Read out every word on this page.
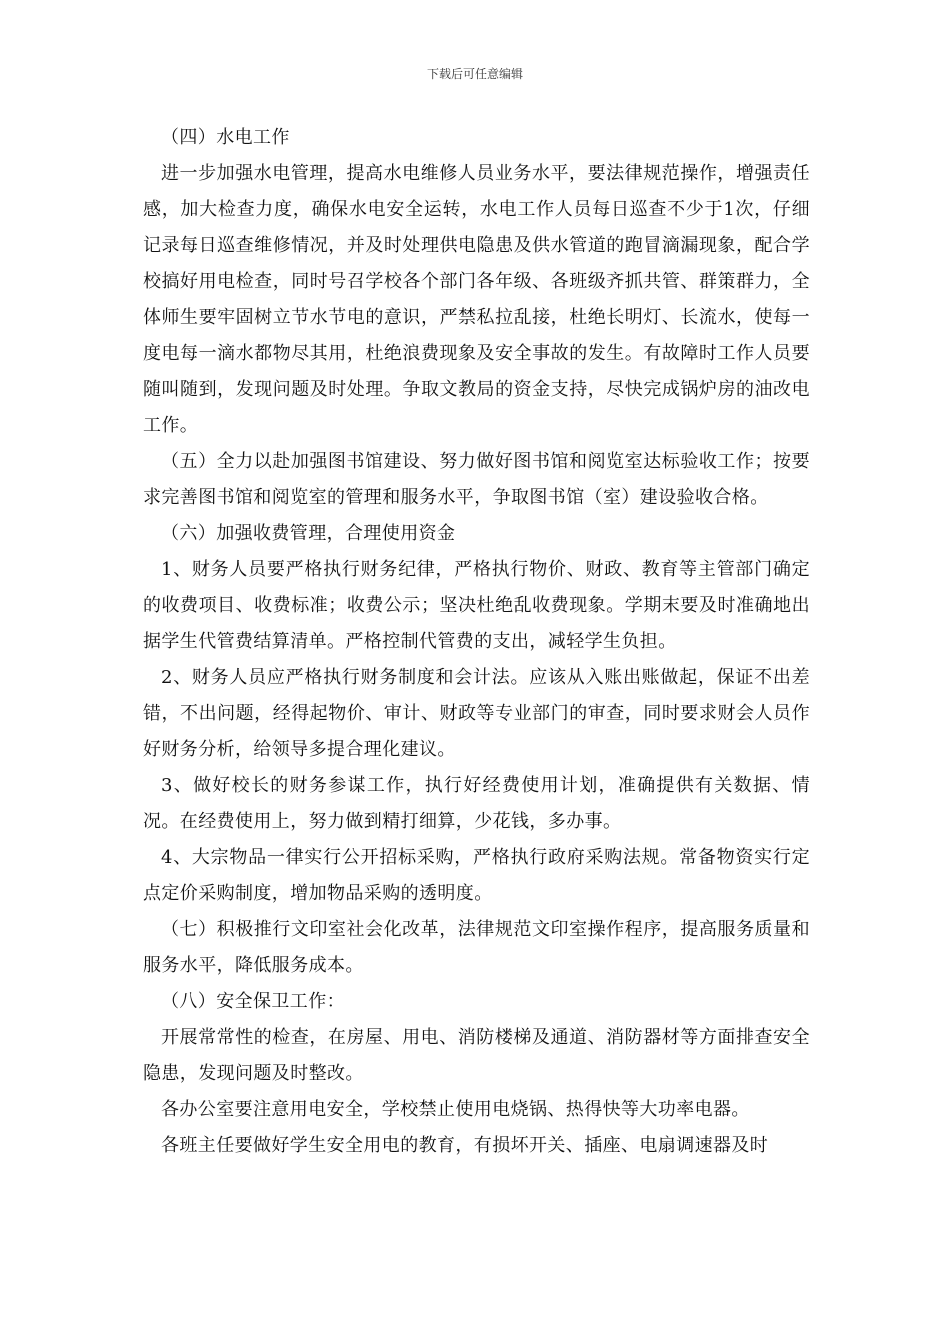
下载后可任意编辑

（四）水电工作

进一步加强水电管理，提高水电维修人员业务水平，要法律规范操作，增强责任感，加大检查力度，确保水电安全运转，水电工作人员每日巡查不少于1次，仔细记录每日巡查维修情况，并及时处理供电隐患及供水管道的跑冒滴漏现象，配合学校搞好用电检查，同时号召学校各个部门各年级、各班级齐抓共管、群策群力，全体师生要牢固树立节水节电的意识，严禁私拉乱接，杜绝长明灯、长流水，使每一度电每一滴水都物尽其用，杜绝浪费现象及安全事故的发生。有故障时工作人员要随叫随到，发现问题及时处理。争取文教局的资金支持，尽快完成锅炉房的油改电工作。

（五）全力以赴加强图书馆建设、努力做好图书馆和阅览室达标验收工作；按要求完善图书馆和阅览室的管理和服务水平，争取图书馆（室）建设验收合格。

（六）加强收费管理，合理使用资金

1、财务人员要严格执行财务纪律，严格执行物价、财政、教育等主管部门确定的收费项目、收费标准；收费公示；坚决杜绝乱收费现象。学期末要及时准确地出据学生代管费结算清单。严格控制代管费的支出，减轻学生负担。

2、财务人员应严格执行财务制度和会计法。应该从入账出账做起，保证不出差错，不出问题，经得起物价、审计、财政等专业部门的审查，同时要求财会人员作好财务分析，给领导多提合理化建议。

3、做好校长的财务参谋工作，执行好经费使用计划，准确提供有关数据、情况。在经费使用上，努力做到精打细算，少花钱，多办事。

4、大宗物品一律实行公开招标采购，严格执行政府采购法规。常备物资实行定点定价采购制度，增加物品采购的透明度。

（七）积极推行文印室社会化改革，法律规范文印室操作程序，提高服务质量和服务水平，降低服务成本。

（八）安全保卫工作：

开展常常性的检查，在房屋、用电、消防楼梯及通道、消防器材等方面排查安全隐患，发现问题及时整改。

各办公室要注意用电安全，学校禁止使用电烧锅、热得快等大功率电器。

各班主任要做好学生安全用电的教育，有损坏开关、插座、电扇调速器及时
